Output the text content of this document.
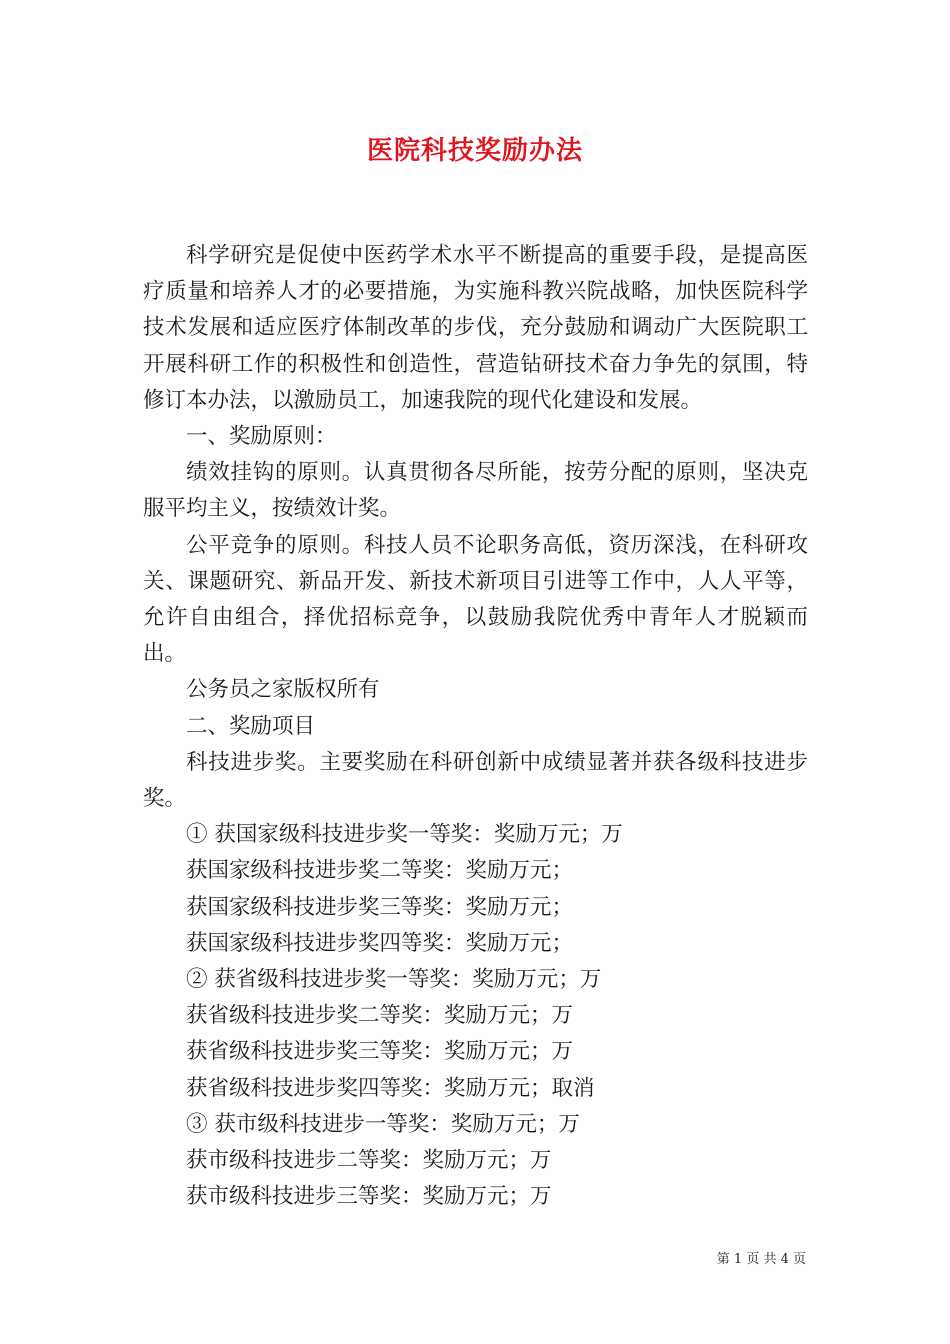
医院科技奖励办法

科学研究是促使中医药学术水平不断提高的重要手段，是提高医疗质量和培养人才的必要措施，为实施科教兴院战略，加快医院科学技术发展和适应医疗体制改革的步伐，充分鼓励和调动广大医院职工开展科研工作的积极性和创造性，营造钻研技术奋力争先的氛围，特修订本办法，以激励员工，加速我院的现代化建设和发展。

一、奖励原则：

绩效挂钩的原则。认真贯彻各尽所能，按劳分配的原则，坚决克服平均主义，按绩效计奖。

公平竞争的原则。科技人员不论职务高低，资历深浅，在科研攻关、课题研究、新品开发、新技术新项目引进等工作中，人人平等，允许自由组合，择优招标竞争，以鼓励我院优秀中青年人才脱颖而出。

公务员之家版权所有

二、奖励项目

科技进步奖。主要奖励在科研创新中成绩显著并获各级科技进步奖。

① 获国家级科技进步奖一等奖：奖励万元；万

获国家级科技进步奖二等奖：奖励万元；

获国家级科技进步奖三等奖：奖励万元；

获国家级科技进步奖四等奖：奖励万元；

② 获省级科技进步奖一等奖：奖励万元；万

获省级科技进步奖二等奖：奖励万元；万

获省级科技进步奖三等奖：奖励万元；万

获省级科技进步奖四等奖：奖励万元；取消

③ 获市级科技进步一等奖：奖励万元；万

获市级科技进步二等奖：奖励万元；万

获市级科技进步三等奖：奖励万元；万

第 1 页 共 4 页
